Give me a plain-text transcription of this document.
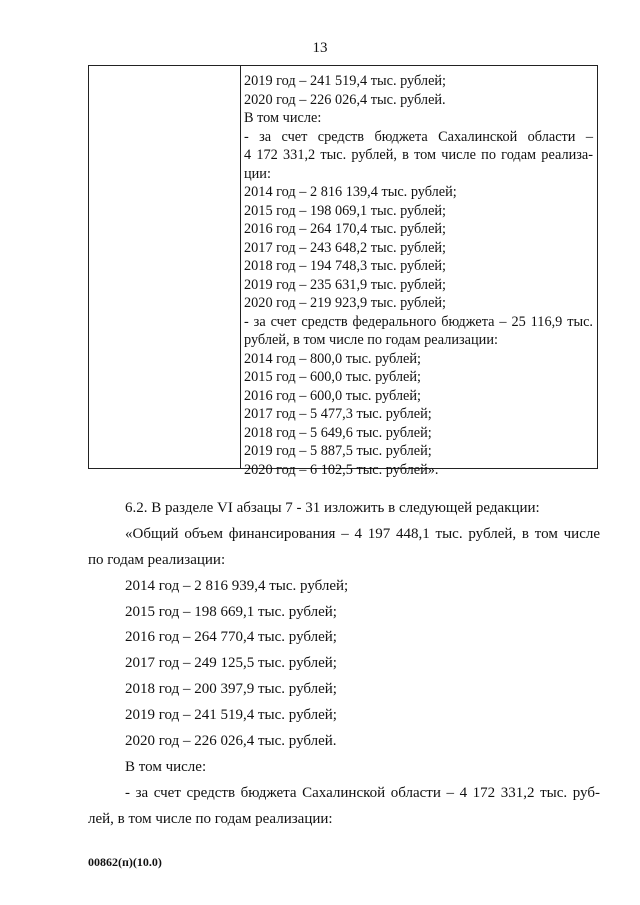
13
2019 год – 241 519,4 тыс. рублей;
2020 год – 226 026,4 тыс. рублей.
В том числе:
- за счет средств бюджета Сахалинской области –
4 172 331,2 тыс. рублей, в том числе по годам реализа-
ции:
2014 год – 2 816 139,4 тыс. рублей;
2015 год – 198 069,1 тыс. рублей;
2016 год – 264 170,4 тыс. рублей;
2017 год – 243 648,2 тыс. рублей;
2018 год – 194 748,3 тыс. рублей;
2019 год – 235 631,9 тыс. рублей;
2020 год – 219 923,9 тыс. рублей;
- за счет средств федерального бюджета – 25 116,9 тыс.
рублей, в том числе по годам реализации:
2014 год – 800,0 тыс. рублей;
2015 год – 600,0 тыс. рублей;
2016 год – 600,0 тыс. рублей;
2017 год – 5 477,3 тыс. рублей;
2018 год – 5 649,6 тыс. рублей;
2019 год – 5 887,5 тыс. рублей;
2020 год – 6 102,5 тыс. рублей».
6.2. В разделе VI абзацы 7 - 31 изложить в следующей редакции:
«Общий объем финансирования – 4 197 448,1 тыс. рублей, в том числе
по годам реализации:
2014 год – 2 816 939,4 тыс. рублей;
2015 год – 198 669,1 тыс. рублей;
2016 год – 264 770,4 тыс. рублей;
2017 год – 249 125,5 тыс. рублей;
2018 год – 200 397,9 тыс. рублей;
2019 год – 241 519,4 тыс. рублей;
2020 год – 226 026,4 тыс. рублей.
В том числе:
- за счет средств бюджета Сахалинской области – 4 172 331,2 тыс. руб-
лей, в том числе по годам реализации:
00862(п)(10.0)
